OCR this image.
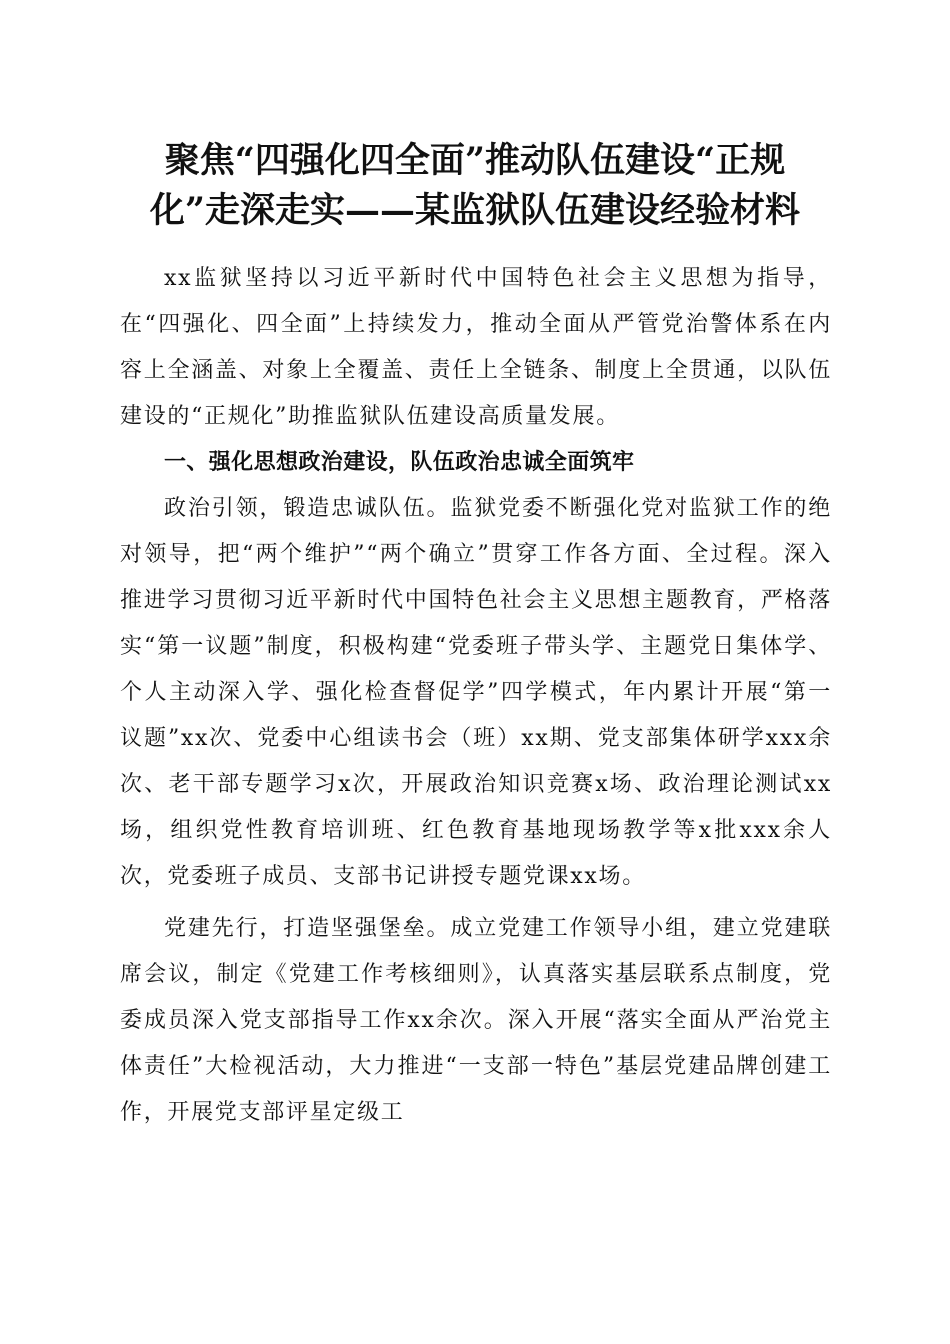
聚焦“四强化四全面”推动队伍建设“正规化”走深走实——某监狱队伍建设经验材料

xx监狱坚持以习近平新时代中国特色社会主义思想为指导，在“四强化、四全面”上持续发力，推动全面从严管党治警体系在内容上全涵盖、对象上全覆盖、责任上全链条、制度上全贯通，以队伍建设的“正规化”助推监狱队伍建设高质量发展。

一、强化思想政治建设，队伍政治忠诚全面筑牢

政治引领，锻造忠诚队伍。监狱党委不断强化党对监狱工作的绝对领导，把“两个维护”“两个确立”贯穿工作各方面、全过程。深入推进学习贯彻习近平新时代中国特色社会主义思想主题教育，严格落实“第一议题”制度，积极构建“党委班子带头学、主题党日集体学、个人主动深入学、强化检查督促学”四学模式，年内累计开展“第一议题”xx次、党委中心组读书会（班）xx期、党支部集体研学xxx余次、老干部专题学习x次，开展政治知识竞赛x场、政治理论测试xx场，组织党性教育培训班、红色教育基地现场教学等x批xxx余人次，党委班子成员、支部书记讲授专题党课xx场。

党建先行，打造坚强堡垒。成立党建工作领导小组，建立党建联席会议，制定《党建工作考核细则》，认真落实基层联系点制度，党委成员深入党支部指导工作xx余次。深入开展“落实全面从严治党主体责任”大检视活动，大力推进“一支部一特色”基层党建品牌创建工作，开展党支部评星定级工
